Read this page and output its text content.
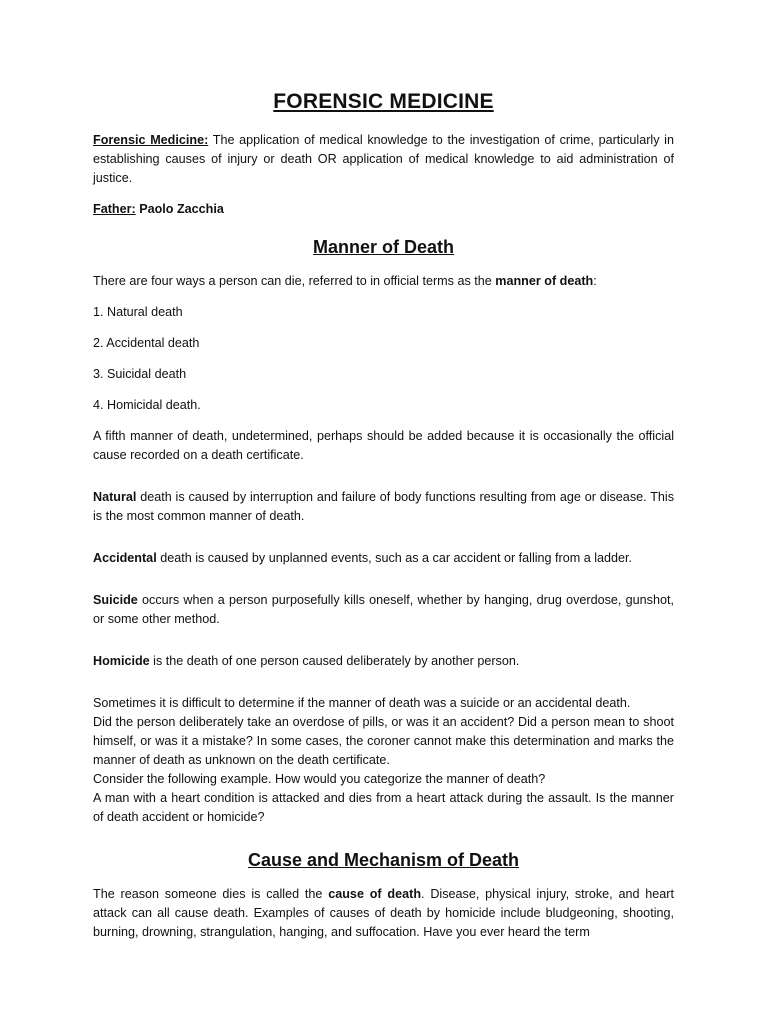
FORENSIC MEDICINE

Forensic Medicine: The application of medical knowledge to the investigation of crime, particularly in establishing causes of injury or death OR application of medical knowledge to aid administration of justice.

Father: Paolo Zacchia

Manner of Death

There are four ways a person can die, referred to in official terms as the manner of death:

1. Natural death

2. Accidental death

3. Suicidal death

4. Homicidal death.

A fifth manner of death, undetermined, perhaps should be added because it is occasionally the official cause recorded on a death certificate.

Natural death is caused by interruption and failure of body functions resulting from age or disease. This is the most common manner of death.

Accidental death is caused by unplanned events, such as a car accident or falling from a ladder.

Suicide occurs when a person purposefully kills oneself, whether by hanging, drug overdose, gunshot, or some other method.

Homicide is the death of one person caused deliberately by another person.

Sometimes it is difficult to determine if the manner of death was a suicide or an accidental death.

Did the person deliberately take an overdose of pills, or was it an accident? Did a person mean to shoot himself, or was it a mistake? In some cases, the coroner cannot make this determination and marks the manner of death as unknown on the death certificate.

Consider the following example. How would you categorize the manner of death?

A man with a heart condition is attacked and dies from a heart attack during the assault. Is the manner of death accident or homicide?

Cause and Mechanism of Death

The reason someone dies is called the cause of death. Disease, physical injury, stroke, and heart attack can all cause death. Examples of causes of death by homicide include bludgeoning, shooting, burning, drowning, strangulation, hanging, and suffocation. Have you ever heard the term
